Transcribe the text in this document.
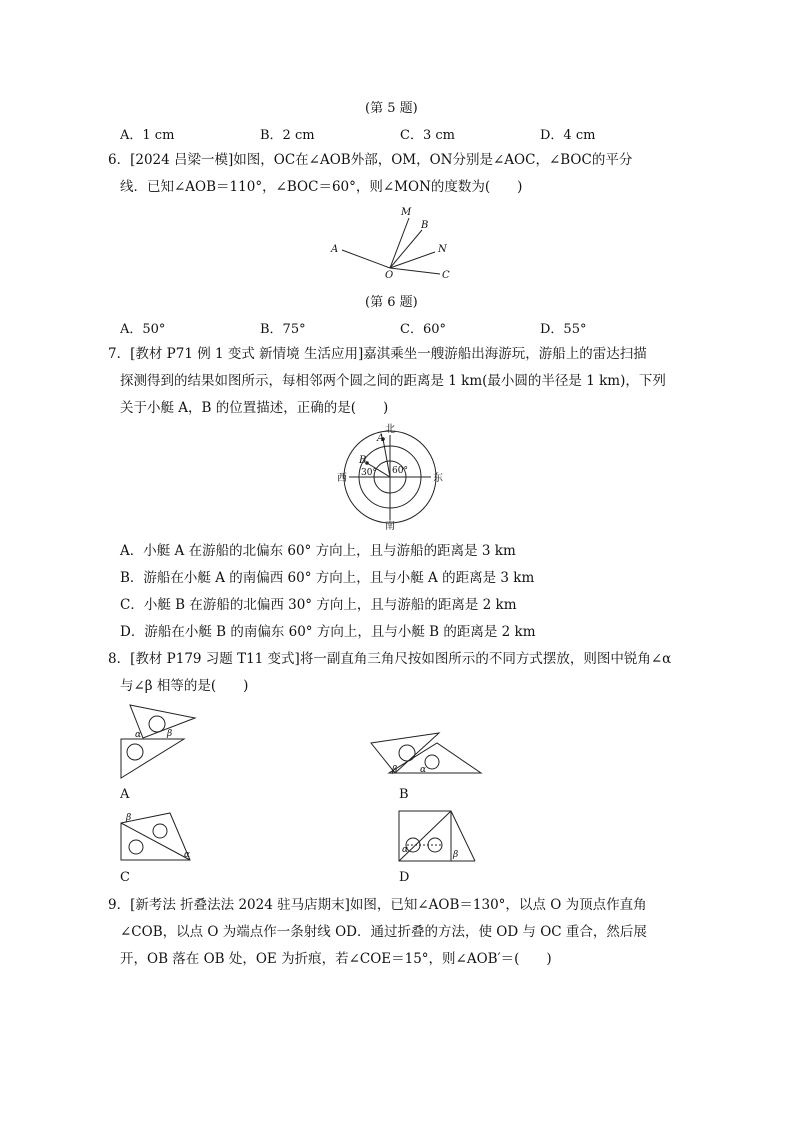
(第 5 题)
A．1 cm	B．2 cm	C．3 cm	D．4 cm
6．[2024 吕梁一模]如图，OC在∠AOB外部，OM，ON分别是∠AOC，∠BOC的平分
线．已知∠AOB＝110°，∠BOC＝60°，则∠MON的度数为(　　)
M
B
A	N
O	C
(第 6 题)
A．50°	B．75°	C．60°	D．55°
7．[教材 P71 例 1 变式 新情境 生活应用]嘉淇乘坐一艘游船出海游玩，游船上的雷达扫描
探测得到的结果如图所示，每相邻两个圆之间的距离是 1 km(最小圆的半径是 1 km)，下列
关于小艇 A，B 的位置描述，正确的是(　　)
北
南
西	东
A
B
60°
30°
A．小艇 A 在游船的北偏东 60° 方向上，且与游船的距离是 3 km
B．游船在小艇 A 的南偏西 60° 方向上，且与小艇 A 的距离是 3 km
C．小艇 B 在游船的北偏西 30° 方向上，且与游船的距离是 2 km
D．游船在小艇 B 的南偏东 60° 方向上，且与小艇 B 的距离是 2 km
8．[教材 P179 习题 T11 变式]将一副直角三角尺按如图所示的不同方式摆放，则图中锐角∠α
与∠β 相等的是(　　)
α	β
A
β	α
B
β
α
C
α	β
D
9．[新考法 折叠法法 2024 驻马店期末]如图，已知∠AOB＝130°，以点 O 为顶点作直角
∠COB，以点 O 为端点作一条射线 OD．通过折叠的方法，使 OD 与 OC 重合，然后展
开，OB 落在 OB 处，OE 为折痕，若∠COE＝15°，则∠AOB′＝(　　)
